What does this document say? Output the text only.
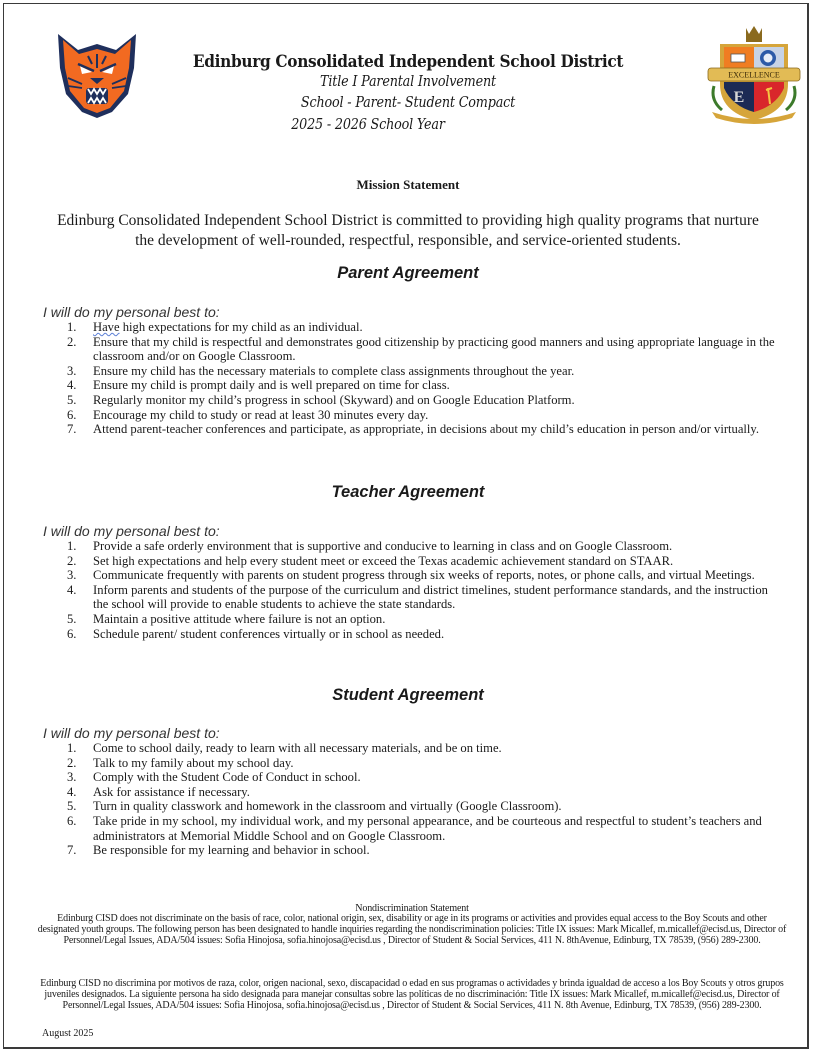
EXCELLENCE
E
Edinburg Consolidated Independent School District
Title I Parental Involvement
School - Parent- Student Compact
2025 - 2026 School Year
Mission Statement
Edinburg Consolidated Independent School District is committed to providing high quality programs that nurture the development of well-rounded, respectful, responsible, and service-oriented students.
Parent Agreement
I will do my personal best to:
1. Have high expectations for my child as an individual.
2. Ensure that my child is respectful and demonstrates good citizenship by practicing good manners and using appropriate language in the classroom and/or on Google Classroom.
3. Ensure my child has the necessary materials to complete class assignments throughout the year.
4. Ensure my child is prompt daily and is well prepared on time for class.
5. Regularly monitor my child’s progress in school (Skyward) and on Google Education Platform.
6. Encourage my child to study or read at least 30 minutes every day.
7. Attend parent-teacher conferences and participate, as appropriate, in decisions about my child’s education in person and/or virtually.
Teacher Agreement
I will do my personal best to:
1. Provide a safe orderly environment that is supportive and conducive to learning in class and on Google Classroom.
2. Set high expectations and help every student meet or exceed the Texas academic achievement standard on STAAR.
3. Communicate frequently with parents on student progress through six weeks of reports, notes, or phone calls, and virtual Meetings.
4. Inform parents and students of the purpose of the curriculum and district timelines, student performance standards, and the instruction the school will provide to enable students to achieve the state standards.
5. Maintain a positive attitude where failure is not an option.
6. Schedule parent/ student conferences virtually or in school as needed.
Student Agreement
I will do my personal best to:
1. Come to school daily, ready to learn with all necessary materials, and be on time.
2. Talk to my family about my school day.
3. Comply with the Student Code of Conduct in school.
4. Ask for assistance if necessary.
5. Turn in quality classwork and homework in the classroom and virtually (Google Classroom).
6. Take pride in my school, my individual work, and my personal appearance, and be courteous and respectful to student’s teachers and administrators at Memorial Middle School and on Google Classroom.
7. Be responsible for my learning and behavior in school.
Nondiscrimination Statement
Edinburg CISD does not discriminate on the basis of race, color, national origin, sex, disability or age in its programs or activities and provides equal access to the Boy Scouts and other designated youth groups. The following person has been designated to handle inquiries regarding the nondiscrimination policies: Title IX issues: Mark Micallef, m.micallef@ecisd.us, Director of Personnel/Legal Issues, ADA/504 issues: Sofia Hinojosa, sofia.hinojosa@ecisd.us , Director of Student & Social Services, 411 N. 8thAvenue, Edinburg, TX 78539, (956) 289-2300.
Edinburg CISD no discrimina por motivos de raza, color, origen nacional, sexo, discapacidad o edad en sus programas o actividades y brinda igualdad de acceso a los Boy Scouts y otros grupos juveniles designados. La siguiente persona ha sido designada para manejar consultas sobre las políticas de no discriminación: Title IX issues: Mark Micallef, m.micallef@ecisd.us, Director of Personnel/Legal Issues, ADA/504 issues: Sofia Hinojosa, sofia.hinojosa@ecisd.us , Director of Student & Social Services, 411 N. 8th Avenue, Edinburg, TX 78539, (956) 289-2300.
August 2025
